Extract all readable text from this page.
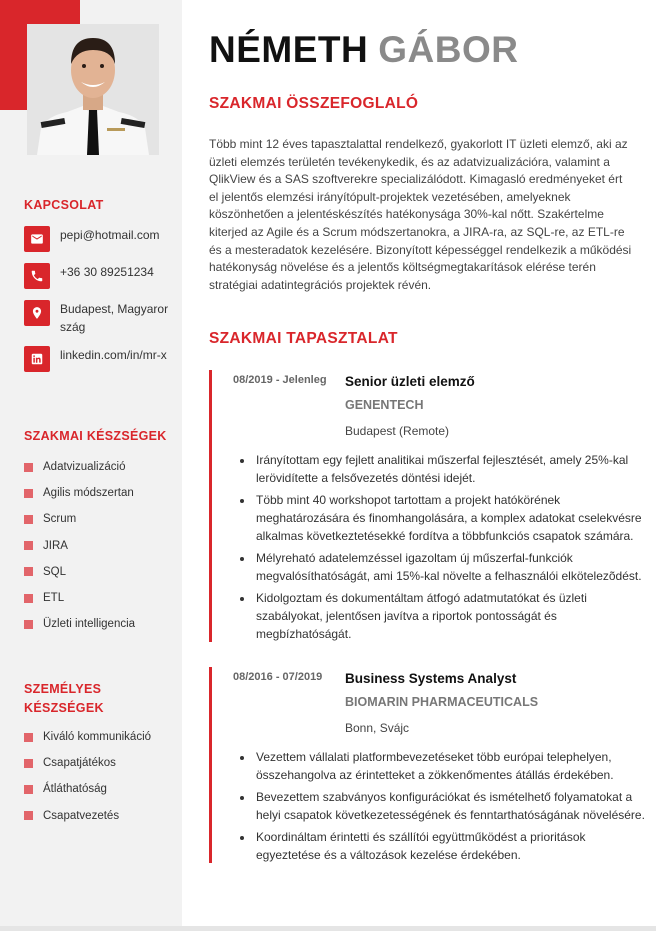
KAPCSOLAT
pepi@hotmail.com
+36 30 89251234
Budapest, Magyarország
linkedin.com/in/mr-x
SZAKMAI KÉSZSÉGEK
Adatvizualizáció
Agilis módszertan
Scrum
JIRA
SQL
ETL
Üzleti intelligencia
SZEMÉLYES KÉSZSÉGEK
Kiváló kommunikáció
Csapatjátékos
Átláthatóság
Csapatvezetés
NÉMETH GÁBOR
SZAKMAI ÖSSZEFOGLALÓ

Több mint 12 éves tapasztalattal rendelkező, gyakorlott IT üzleti elemző, aki az üzleti elemzés területén tevékenykedik, és az adatvizualizációra, valamint a QlikView és a SAS szoftverekre specializálódott. Kimagasló eredményeket ért el jelentős elemzési irányítópult-projektek vezetésében, amelyeknek köszönhetően a jelentéskészítés hatékonysága 30%-kal nőtt. Szakértelme kiterjed az Agile és a Scrum módszertanokra, a JIRA-ra, az SQL-re, az ETL-re és a mesteradatok kezelésére. Bizonyított képességgel rendelkezik a működési hatékonyság növelése és a jelentős költségmegtakarítások elérése terén stratégiai adatintegrációs projektek révén.

SZAKMAI TAPASZTALAT
08/2019 - Jelenleg Senior üzleti elemző
GENENTECH
Budapest (Remote)
• Irányítottam egy fejlett analitikai műszerfal fejlesztését, amely 25%-kal lerövidítette a felsővezetés döntési idejét.
• Több mint 40 workshopot tartottam a projekt hatókörének meghatározására és finomhangolására, a komplex adatokat cselekvésre alkalmas következtetésekké fordítva a többfunkciós csapatok számára.
• Mélyreható adatelemzéssel igazoltam új műszerfal-funkciók megvalósíthatóságát, ami 15%-kal növelte a felhasználói elkötelezõdést.
• Kidolgoztam és dokumentáltam átfogó adatmutatókat és üzleti szabályokat, jelentősen javítva a riportok pontosságát és megbízhatóságát.
08/2016 - 07/2019 Business Systems Analyst
BIOMARIN PHARMACEUTICALS
Bonn, Svájc
• Vezettem vállalati platformbevezetéseket több európai telephelyen, összehangolva az érintetteket a zökkenőmentes átállás érdekében.
• Bevezettem szabványos konfigurációkat és ismételhető folyamatokat a helyi csapatok következetességének és fenntarthatóságának növelésére.
• Koordináltam érintetti és szállítói együttműködést a prioritások egyeztetése és a változások kezelése érdekében.
